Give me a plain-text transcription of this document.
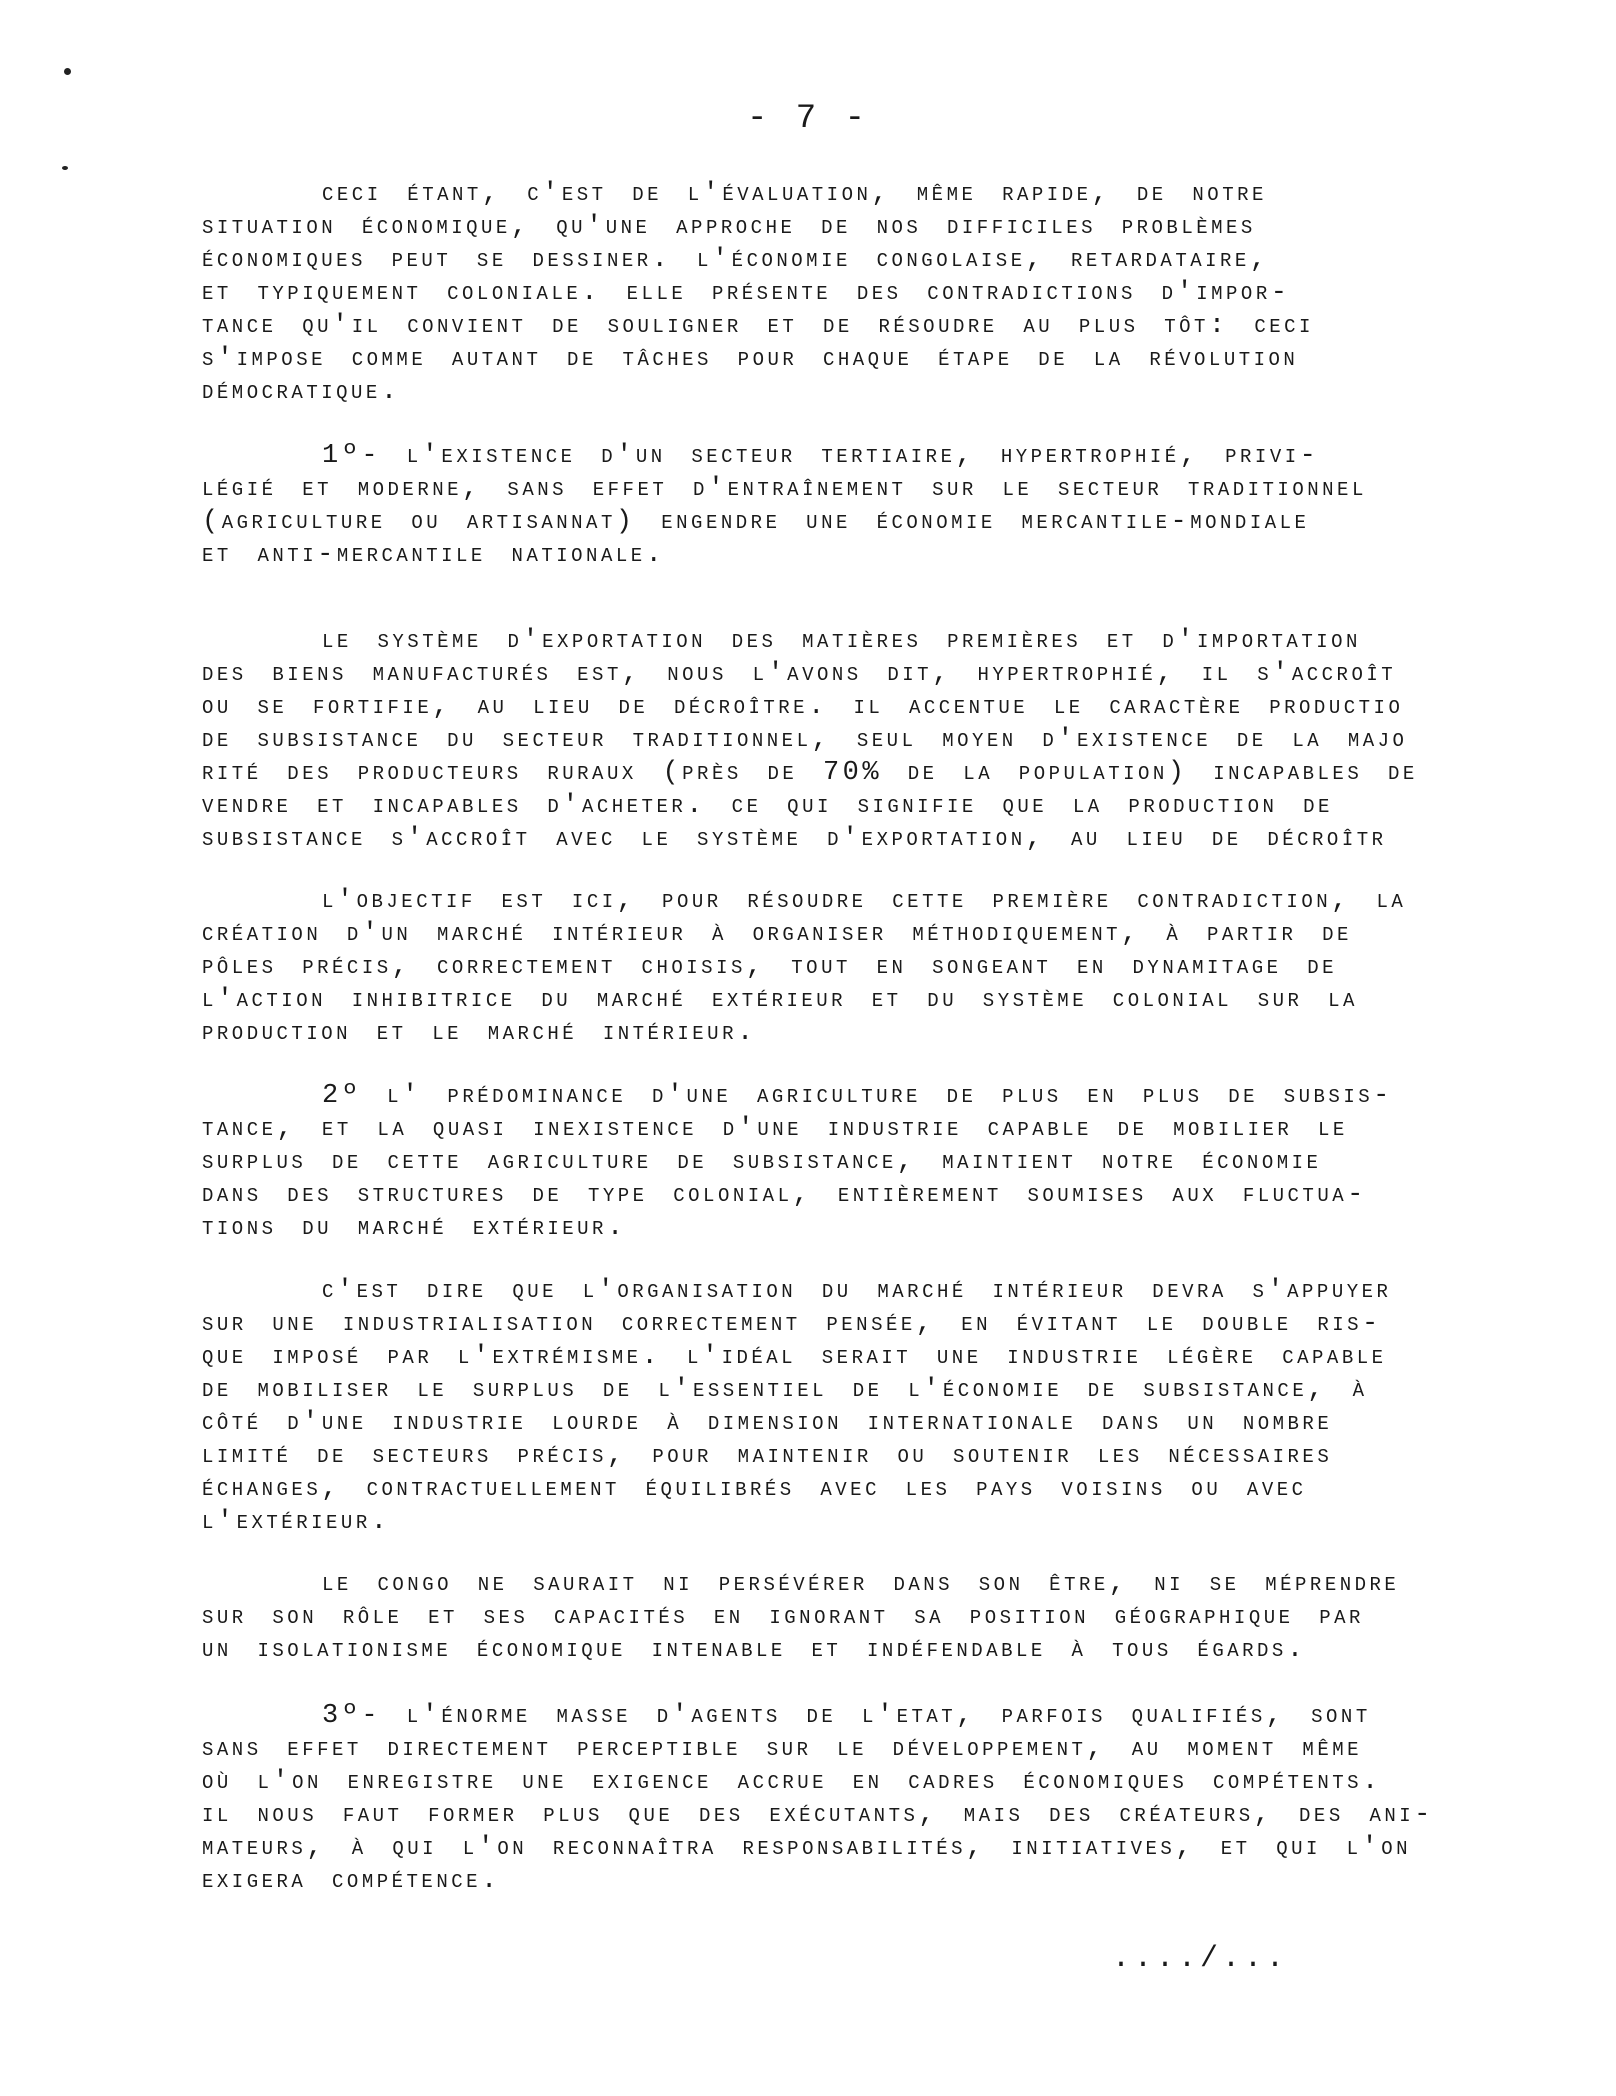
- 7 -

ceci étant, c'est de l'évaluation, même rapide, de notre
situation économique, qu'une approche de nos difficiles problèmes
économiques peut se dessiner. l'économie congolaise, retardataire,
et typiquement coloniale. elle présente des contradictions d'impor-
tance qu'il convient de souligner et de résoudre au plus tôt: ceci
s'impose comme autant de tâches pour chaque étape de la révolution
démocratique.

1º- l'existence d'un secteur tertiaire, hypertrophié, privi-
légié et moderne, sans effet d'entraînement sur le secteur traditionnel
(agriculture ou artisannat) engendre une économie mercantile-mondiale
et anti-mercantile nationale.

le système d'exportation des matières premières et d'importation
des biens manufacturés est, nous l'avons dit, hypertrophié, il s'accroît
ou se fortifie, au lieu de décroître. il accentue le caractère productio
de subsistance du secteur traditionnel, seul moyen d'existence de la majo
rité des producteurs ruraux (près de 70% de la population) incapables de
vendre et incapables d'acheter. ce qui signifie que la production de
subsistance s'accroît avec le système d'exportation, au lieu de décroîtr

l'objectif est ici, pour résoudre cette première contradiction, la
création d'un marché intérieur à organiser méthodiquement, à partir de
pôles précis, correctement choisis, tout en songeant en dynamitage de
l'action inhibitrice du marché extérieur et du système colonial sur la
production et le marché intérieur.

2º l' prédominance d'une agriculture de plus en plus de subsis-
tance, et la quasi inexistence d'une industrie capable de mobilier le
surplus de cette agriculture de subsistance, maintient notre économie
dans des structures de type colonial, entièrement soumises aux fluctua-
tions du marché extérieur.

c'est dire que l'organisation du marché intérieur devra s'appuyer
sur une industrialisation correctement pensée, en évitant le double ris-
que imposé par l'extrémisme. l'idéal serait une industrie légère capable
de mobiliser le surplus de l'essentiel de l'économie de subsistance, à
côté d'une industrie lourde à dimension internationale dans un nombre
limité de secteurs précis, pour maintenir ou soutenir les nécessaires
échanges, contractuellement équilibrés avec les pays voisins ou avec
l'extérieur.

le congo ne saurait ni persévérer dans son être, ni se méprendre
sur son rôle et ses capacités en ignorant sa position géographique par
un isolationisme économique intenable et indéfendable à tous égards.

3º- l'énorme masse d'agents de l'etat, parfois qualifiés, sont
sans effet directement perceptible sur le développement, au moment même
où l'on enregistre une exigence accrue en cadres économiques compétents.
il nous faut former plus que des exécutants, mais des créateurs, des ani-
mateurs, à qui l'on reconnaîtra responsabilités, initiatives, et qui l'on
exigera compétence.

..../...
